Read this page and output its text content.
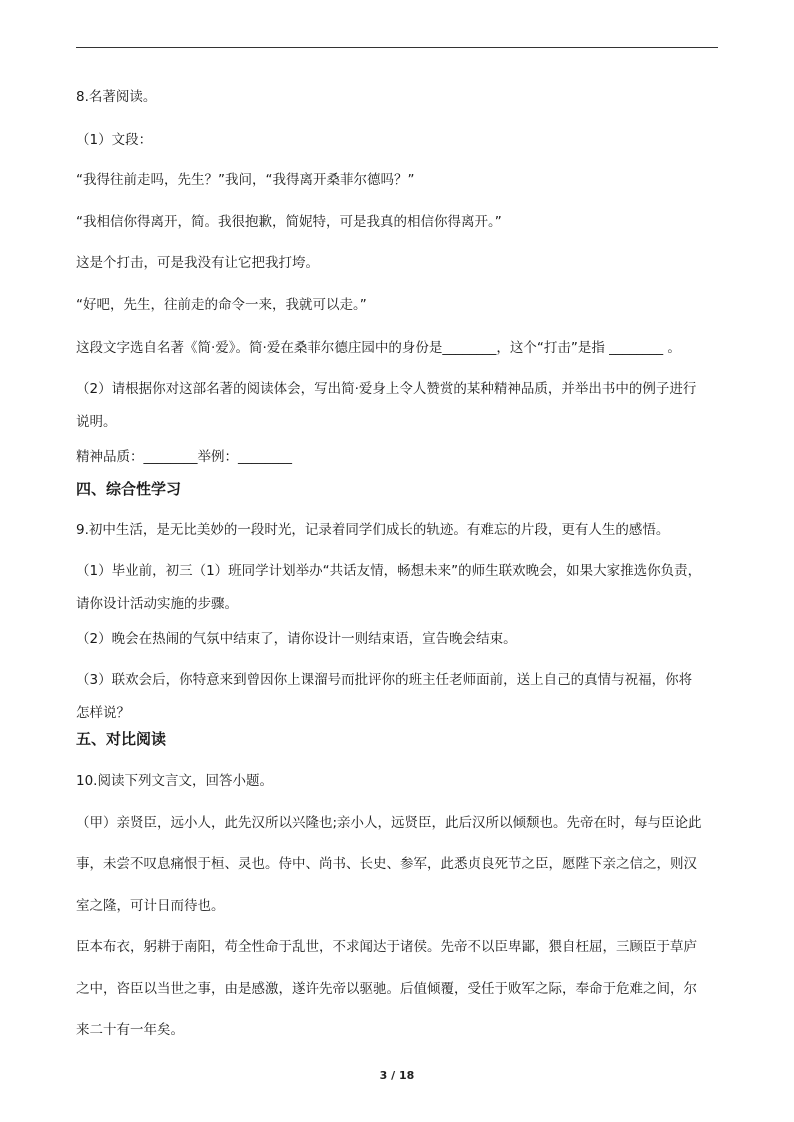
8.名著阅读。
（1）文段：
“我得往前走吗，先生？”我问，“我得离开桑菲尔德吗？”
“我相信你得离开，简。我很抱歉，简妮特，可是我真的相信你得离开。”
这是个打击，可是我没有让它把我打垮。
“好吧，先生，往前走的命令一来，我就可以走。”
这段文字选自名著《简·爱》。简·爱在桑菲尔德庄园中的身份是________，这个“打击”是指 ________ 。
（2）请根据你对这部名著的阅读体会，写出简·爱身上令人赞赏的某种精神品质，并举出书中的例子进行
说明。
精神品质：________举例：________
四、综合性学习
9.初中生活，是无比美妙的一段时光，记录着同学们成长的轨迹。有难忘的片段，更有人生的感悟。
（1）毕业前，初三（1）班同学计划举办“共话友情，畅想未来”的师生联欢晚会，如果大家推选你负责，
请你设计活动实施的步骤。
（2）晚会在热闹的气氛中结束了，请你设计一则结束语，宣告晚会结束。
（3）联欢会后，你特意来到曾因你上课溜号而批评你的班主任老师面前，送上自己的真情与祝福，你将
怎样说？
五、对比阅读
10.阅读下列文言文，回答小题。
（甲）亲贤臣，远小人，此先汉所以兴隆也;亲小人，远贤臣，此后汉所以倾颓也。先帝在时，每与臣论此
事，未尝不叹息痛恨于桓、灵也。侍中、尚书、长史、参军，此悉贞良死节之臣，愿陛下亲之信之，则汉
室之隆，可计日而待也。
臣本布衣，躬耕于南阳，苟全性命于乱世，不求闻达于诸侯。先帝不以臣卑鄙，猥自枉屈，三顾臣于草庐
之中，咨臣以当世之事，由是感激，遂许先帝以驱驰。后值倾覆，受任于败军之际，奉命于危难之间，尔
来二十有一年矣。
3 / 18
